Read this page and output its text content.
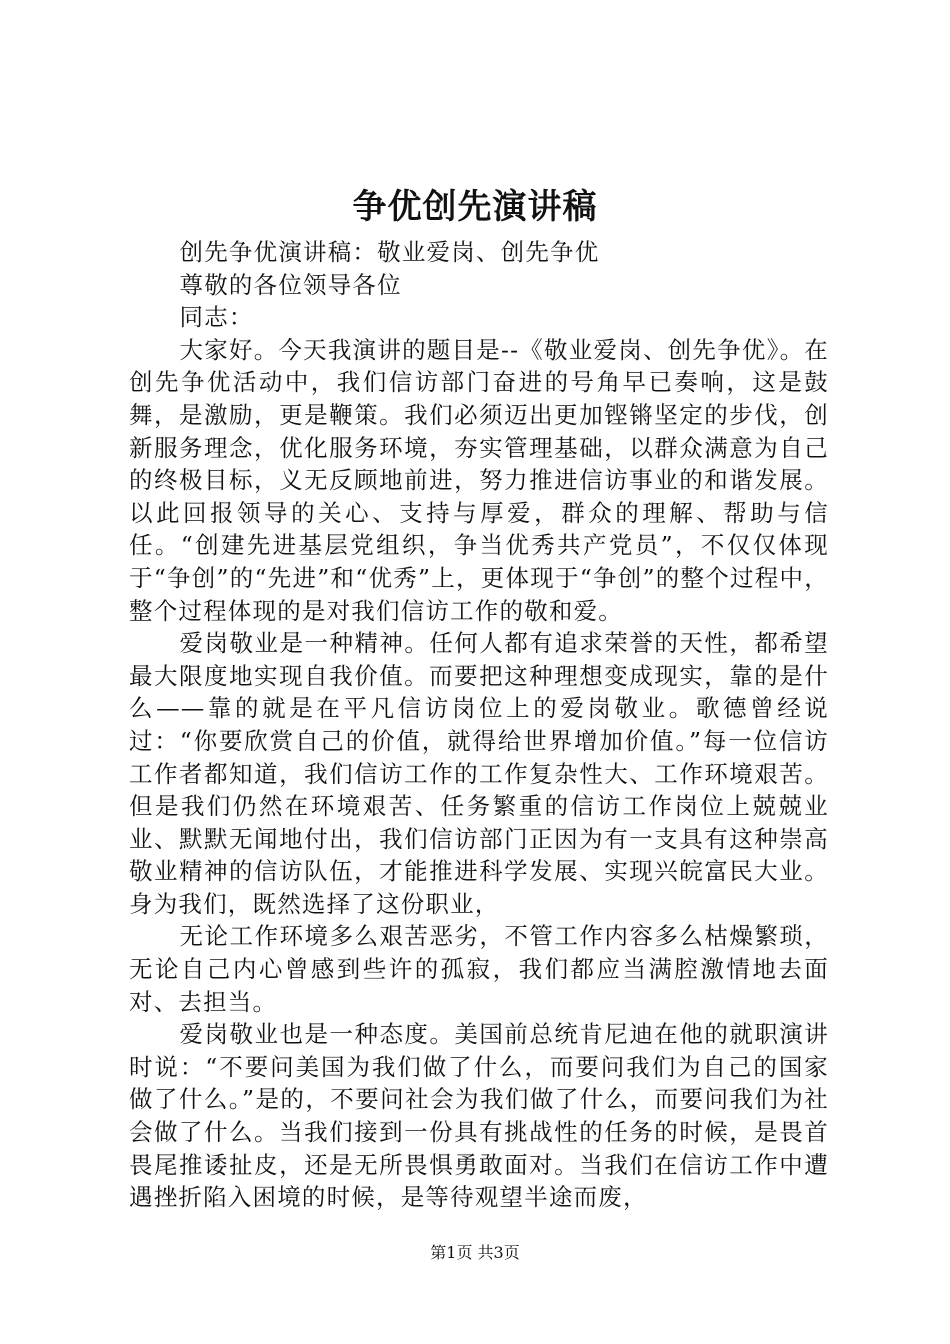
争优创先演讲稿

创先争优演讲稿：敬业爱岗、创先争优

尊敬的各位领导各位

同志：

大家好。今天我演讲的题目是--《敬业爱岗、创先争优》。在创先争优活动中，我们信访部门奋进的号角早已奏响，这是鼓舞，是激励，更是鞭策。我们必须迈出更加铿锵坚定的步伐，创新服务理念，优化服务环境，夯实管理基础，以群众满意为自己的终极目标，义无反顾地前进，努力推进信访事业的和谐发展。以此回报领导的关心、支持与厚爱，群众的理解、帮助与信任。“创建先进基层党组织，争当优秀共产党员”，不仅仅体现于“争创”的“先进”和“优秀”上，更体现于“争创”的整个过程中，整个过程体现的是对我们信访工作的敬和爱。

爱岗敬业是一种精神。任何人都有追求荣誉的天性，都希望最大限度地实现自我价值。而要把这种理想变成现实，靠的是什么——靠的就是在平凡信访岗位上的爱岗敬业。歌德曾经说过：“你要欣赏自己的价值，就得给世界增加价值。”每一位信访工作者都知道，我们信访工作的工作复杂性大、工作环境艰苦。但是我们仍然在环境艰苦、任务繁重的信访工作岗位上兢兢业业、默默无闻地付出，我们信访部门正因为有一支具有这种崇高敬业精神的信访队伍，才能推进科学发展、实现兴皖富民大业。身为我们，既然选择了这份职业，

无论工作环境多么艰苦恶劣，不管工作内容多么枯燥繁琐，无论自己内心曾感到些许的孤寂，我们都应当满腔激情地去面对、去担当。

爱岗敬业也是一种态度。美国前总统肯尼迪在他的就职演讲时说：“不要问美国为我们做了什么，而要问我们为自己的国家做了什么。”是的，不要问社会为我们做了什么，而要问我们为社会做了什么。当我们接到一份具有挑战性的任务的时候，是畏首畏尾推诿扯皮，还是无所畏惧勇敢面对。当我们在信访工作中遭遇挫折陷入困境的时候，是等待观望半途而废，

第1页 共3页
